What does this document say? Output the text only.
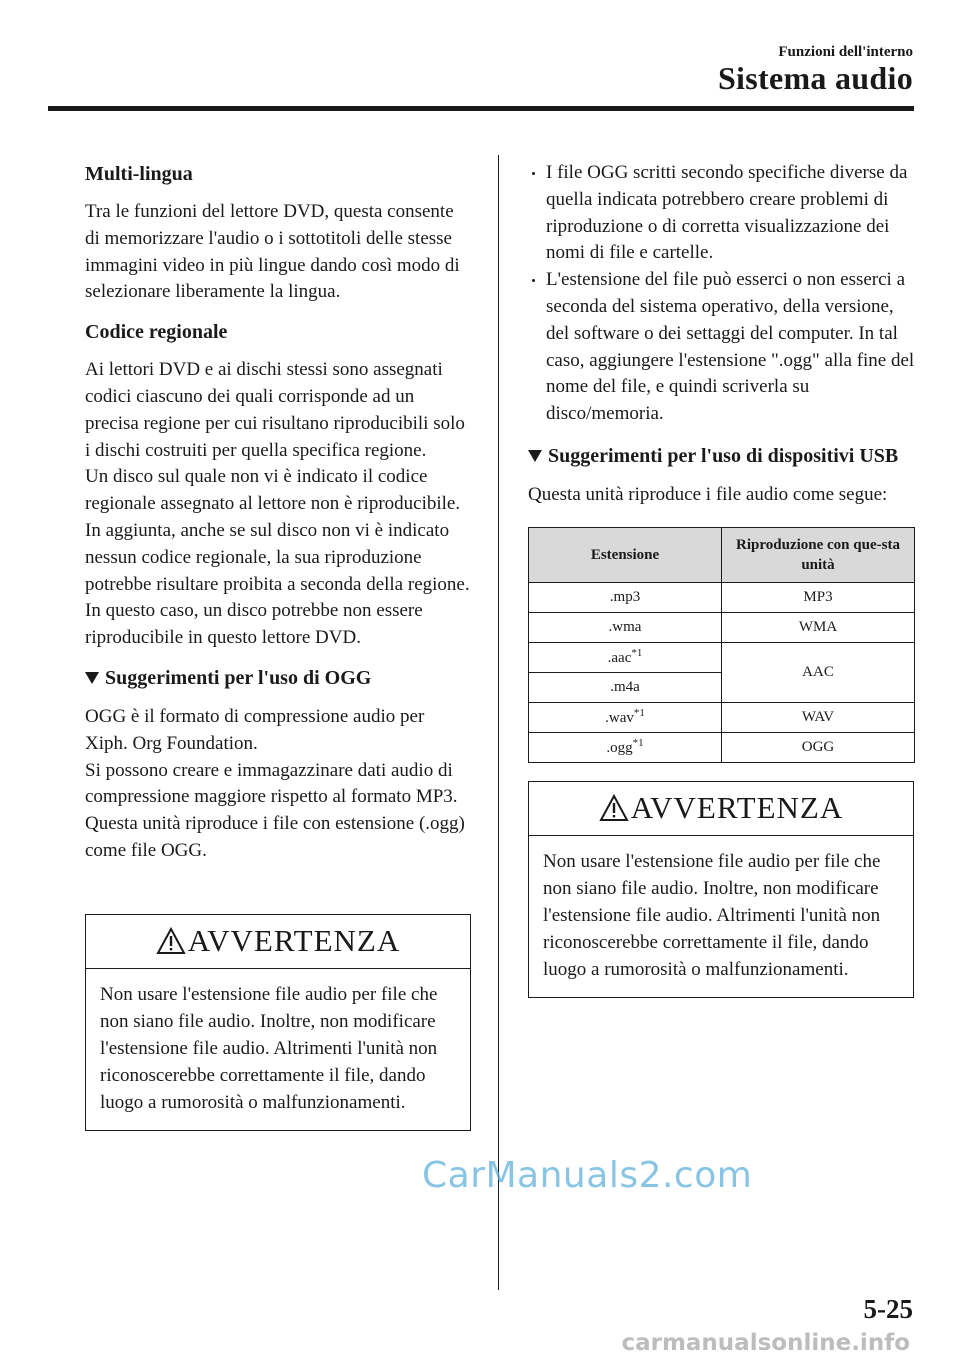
Funzioni dell'interno
Sistema audio
Multi-lingua
Tra le funzioni del lettore DVD, questa consente di memorizzare l'audio o i sottotitoli delle stesse immagini video in più lingue dando così modo di selezionare liberamente la lingua.
Codice regionale
Ai lettori DVD e ai dischi stessi sono assegnati codici ciascuno dei quali corrisponde ad un precisa regione per cui risultano riproducibili solo i dischi costruiti per quella specifica regione.
Un disco sul quale non vi è indicato il codice regionale assegnato al lettore non è riproducibile.
In aggiunta, anche se sul disco non vi è indicato nessun codice regionale, la sua riproduzione potrebbe risultare proibita a seconda della regione. In questo caso, un disco potrebbe non essere riproducibile in questo lettore DVD.
Suggerimenti per l'uso di OGG
OGG è il formato di compressione audio per Xiph. Org Foundation.
Si possono creare e immagazzinare dati audio di compressione maggiore rispetto al formato MP3.
Questa unità riproduce i file con estensione (.ogg) come file OGG.
AVVERTENZA
Non usare l'estensione file audio per file che non siano file audio. Inoltre, non modificare l'estensione file audio. Altrimenti l'unità non riconoscerebbe correttamente il file, dando luogo a rumorosità o malfunzionamenti.
I file OGG scritti secondo specifiche diverse da quella indicata potrebbero creare problemi di riproduzione o di corretta visualizzazione dei nomi di file e cartelle.
L'estensione del file può esserci o non esserci a seconda del sistema operativo, della versione, del software o dei settaggi del computer. In tal caso, aggiungere l'estensione ".ogg" alla fine del nome del file, e quindi scriverla su disco/memoria.
Suggerimenti per l'uso di dispositivi USB
Questa unità riproduce i file audio come segue:
Estensione	Riproduzione con que-sta unità
.mp3	MP3
.wma	WMA
.aac$^{*1}$	AAC
.m4a	
.wav$^{*1}$	WAV
.ogg$^{*1}$	OGG
AVVERTENZA
Non usare l'estensione file audio per file che non siano file audio. Inoltre, non modificare l'estensione file audio. Altrimenti l'unità non riconoscerebbe correttamente il file, dando luogo a rumorosità o malfunzionamenti.
5-25
CarManuals2.com
carmanualsonline.info
